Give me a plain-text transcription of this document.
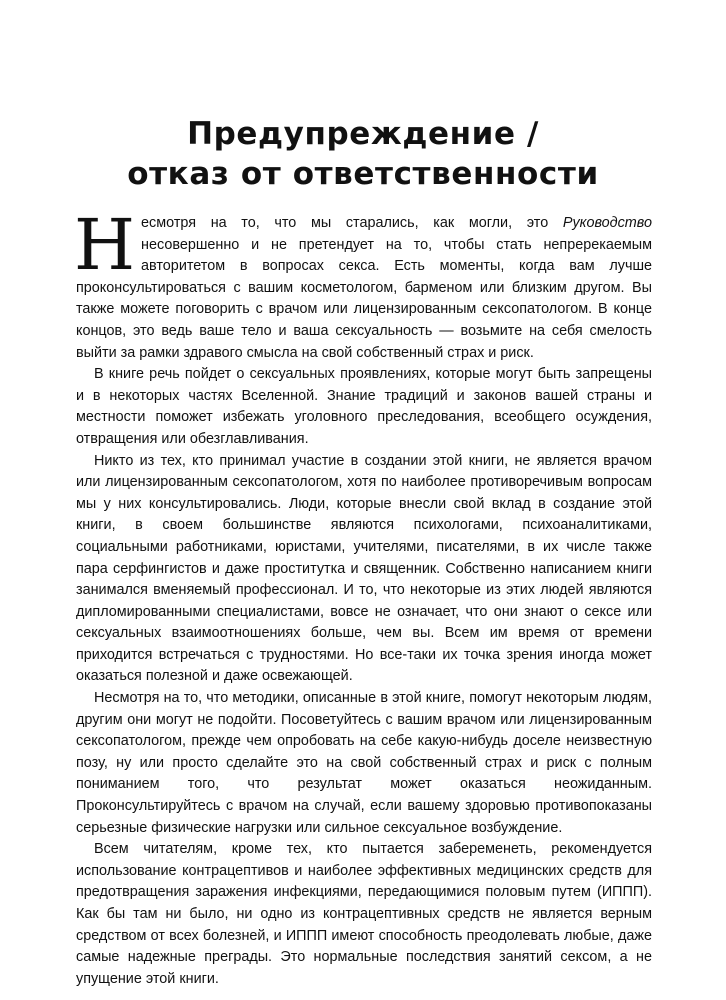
Предупреждение /
отказ от ответственности

Несмотря на то, что мы старались, как могли, это Руководство несовершенно и не претендует на то, чтобы стать непререкаемым авторитетом в вопросах секса. Есть моменты, когда вам лучше проконсультироваться с вашим косметологом, барменом или близким другом. Вы также можете поговорить с врачом или лицензированным сексопатологом. В конце концов, это ведь ваше тело и ваша сексуальность — возьмите на себя смелость выйти за рамки здравого смысла на свой собственный страх и риск.

В книге речь пойдет о сексуальных проявлениях, которые могут быть запрещены и в некоторых частях Вселенной. Знание традиций и законов вашей страны и местности поможет избежать уголовного преследования, всеобщего осуждения, отвращения или обезглавливания.

Никто из тех, кто принимал участие в создании этой книги, не является врачом или лицензированным сексопатологом, хотя по наиболее противоречивым вопросам мы у них консультировались. Люди, которые внесли свой вклад в создание этой книги, в своем большинстве являются психологами, психоаналитиками, социальными работниками, юристами, учителями, писателями, в их числе также пара серфингистов и даже проститутка и священник. Собственно написанием книги занимался вменяемый профессионал. И то, что некоторые из этих людей являются дипломированными специалистами, вовсе не означает, что они знают о сексе или сексуальных взаимоотношениях больше, чем вы. Всем им время от времени приходится встречаться с трудностями. Но все-таки их точка зрения иногда может оказаться полезной и даже освежающей.

Несмотря на то, что методики, описанные в этой книге, помогут некоторым людям, другим они могут не подойти. Посоветуйтесь с вашим врачом или лицензированным сексопатологом, прежде чем опробовать на себе какую-нибудь доселе неизвестную позу, ну или просто сделайте это на свой собственный страх и риск с полным пониманием того, что результат может оказаться неожиданным. Проконсультируйтесь с врачом на случай, если вашему здоровью противопоказаны серьезные физические нагрузки или сильное сексуальное возбуждение.

Всем читателям, кроме тех, кто пытается забеременеть, рекомендуется использование контрацептивов и наиболее эффективных медицинских средств для предотвращения заражения инфекциями, передающимися половым путем (ИППП). Как бы там ни было, ни одно из контрацептивных средств не является верным средством от всех болезней, и ИППП имеют способность преодолевать любые, даже самые надежные преграды. Это нормальные последствия занятий сексом, а не упущение этой книги.
